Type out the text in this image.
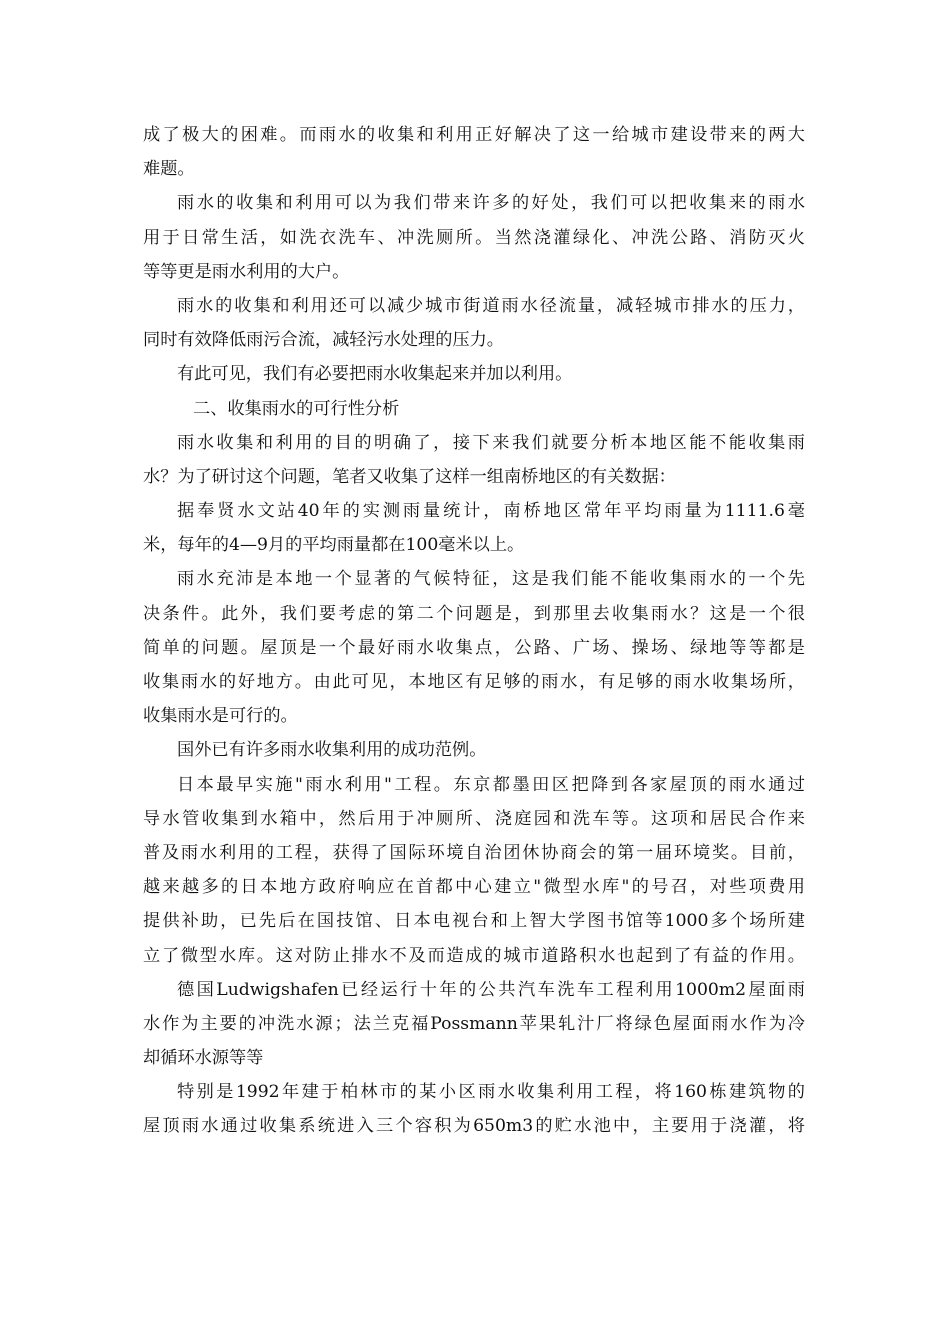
成了极大的困难。而雨水的收集和利用正好解决了这一给城市建设带来的两大
难题。
雨水的收集和利用可以为我们带来许多的好处，我们可以把收集来的雨水
用于日常生活，如洗衣洗车、冲洗厕所。当然浇灌绿化、冲洗公路、消防灭火
等等更是雨水利用的大户。
雨水的收集和利用还可以减少城市街道雨水径流量，减轻城市排水的压力，
同时有效降低雨污合流，减轻污水处理的压力。
有此可见，我们有必要把雨水收集起来并加以利用。
二、收集雨水的可行性分析
雨水收集和利用的目的明确了，接下来我们就要分析本地区能不能收集雨
水？为了研讨这个问题，笔者又收集了这样一组南桥地区的有关数据：
据奉贤水文站40年的实测雨量统计，南桥地区常年平均雨量为1111.6毫
米，每年的4—9月的平均雨量都在100毫米以上。
雨水充沛是本地一个显著的气候特征，这是我们能不能收集雨水的一个先
决条件。此外，我们要考虑的第二个问题是，到那里去收集雨水？这是一个很
简单的问题。屋顶是一个最好雨水收集点，公路、广场、操场、绿地等等都是
收集雨水的好地方。由此可见，本地区有足够的雨水，有足够的雨水收集场所，
收集雨水是可行的。
国外已有许多雨水收集利用的成功范例。
日本最早实施"雨水利用"工程。东京都墨田区把降到各家屋顶的雨水通过
导水管收集到水箱中，然后用于冲厕所、浇庭园和洗车等。这项和居民合作来
普及雨水利用的工程，获得了国际环境自治团休协商会的第一届环境奖。目前，
越来越多的日本地方政府响应在首都中心建立"微型水库"的号召，对些项费用
提供补助，已先后在国技馆、日本电视台和上智大学图书馆等1000多个场所建
立了微型水库。这对防止排水不及而造成的城市道路积水也起到了有益的作用。
德国Ludwigshafen已经运行十年的公共汽车洗车工程利用1000m2屋面雨
水作为主要的冲洗水源；法兰克福Possmann苹果轧汁厂将绿色屋面雨水作为冷
却循环水源等等
特别是1992年建于柏林市的某小区雨水收集利用工程，将160栋建筑物的
屋顶雨水通过收集系统进入三个容积为650m3的贮水池中，主要用于浇灌，将
